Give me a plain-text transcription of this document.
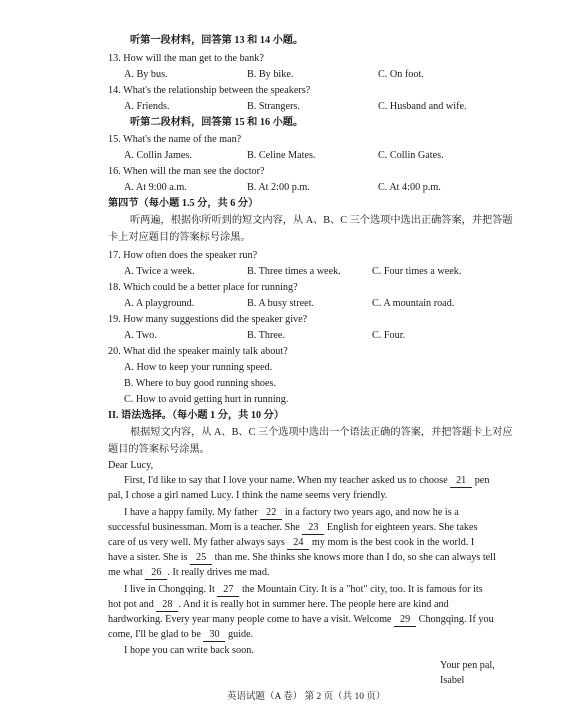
听第一段材料，回答第 13 和 14 小题。
13. How will the man get to the bank?
A. By bus.	B. By bike.	C. On foot.
14. What's the relationship between the speakers?
A. Friends.	B. Strangers.	C. Husband and wife.
听第二段材料，回答第 15 和 16 小题。
15. What's the name of the man?
A. Collin James.	B. Celine Mates.	C. Collin Gates.
16. When will the man see the doctor?
A. At 9:00 a.m.	B. At 2:00 p.m.	C. At 4:00 p.m.
第四节（每小题 1.5 分，共 6 分）
听两遍，根据你所听到的短文内容，从 A、B、C 三个选项中选出正确答案，并把答题
卡上对应题目的答案标号涂黑。
17. How often does the speaker run?
A. Twice a week.	B. Three times a week.	C. Four times a week.
18. Which could be a better place for running?
A. A playground.	B. A busy street.	C. A mountain road.
19. How many suggestions did the speaker give?
A. Two.	B. Three.	C. Four.
20. What did the speaker mainly talk about?
A. How to keep your running speed.
B. Where to buy good running shoes.
C. How to avoid getting hurt in running.
II. 语法选择。（每小题 1 分，共 10 分）
根据短文内容，从 A、B、C 三个选项中选出一个语法正确的答案，并把答题卡上对应
题目的答案标号涂黑。
Dear Lucy,
First, I'd like to say that I love your name. When my teacher asked us to choose 21 pen
pal, I chose a girl named Lucy. I think the name seems very friendly.
I have a happy family. My father 22 in a factory two years ago, and now he is a
successful businessman. Mom is a teacher. She 23 English for eighteen years. She takes
care of us very well. My father always says 24 my mom is the best cook in the world. I
have a sister. She is 25 than me. She thinks she knows more than I do, so she can always tell
me what 26 . It really drives me mad.
I live in Chongqing. It 27 the Mountain City. It is a "hot" city, too. It is famous for its
hot pot and 28 . And it is really hot in summer here. The people here are kind and
hardworking. Every year many people come to have a visit. Welcome 29 Chongqing. If you
come, I'll be glad to be 30 guide.
I hope you can write back soon.
Your pen pal,
Isabel
英语试题（A 卷） 第 2 页（共 10 页）
